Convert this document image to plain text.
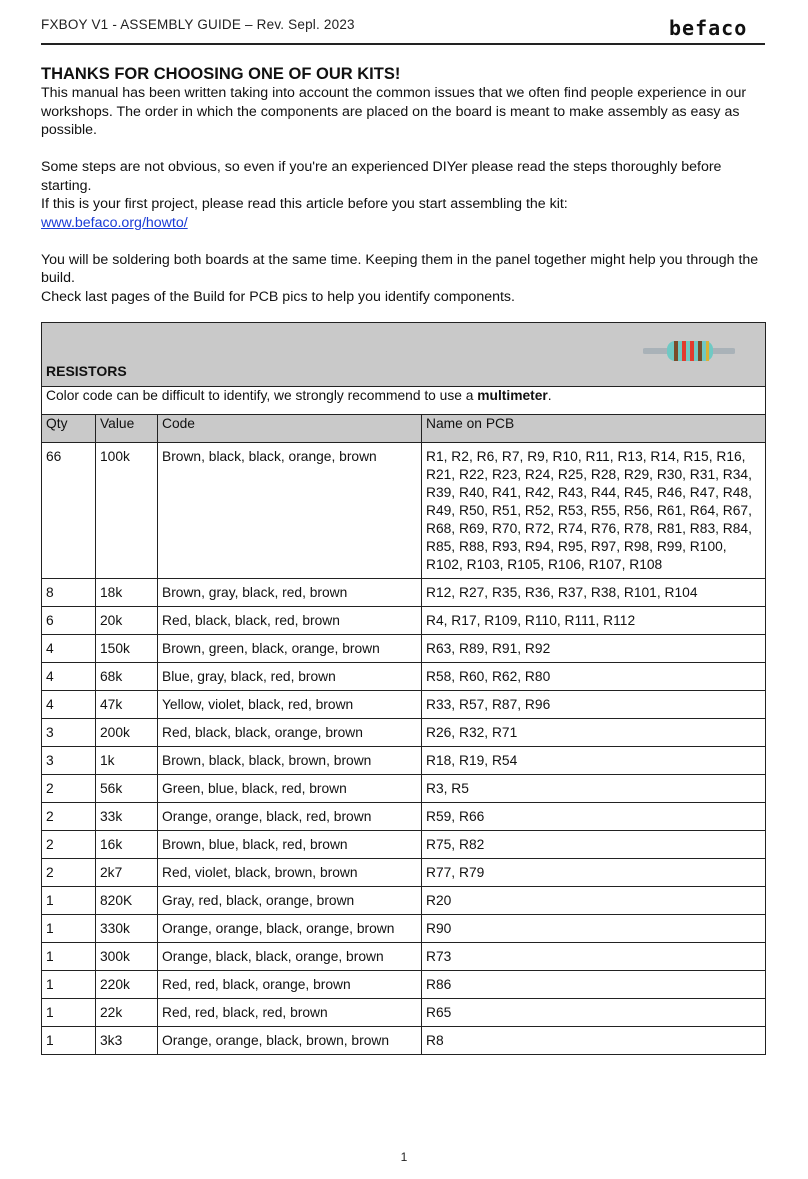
FXBOY V1 - ASSEMBLY GUIDE – Rev. Sepl. 2023	befaco
THANKS FOR CHOOSING ONE OF OUR KITS!

This manual has been written taking into account the common issues that we often find people experience in our workshops. The order in which the components are placed on the board is meant to make assembly as easy as possible.

Some steps are not obvious, so even if you're an experienced DIYer please read the steps thoroughly before starting.

If this is your first project, please read this article before you start assembling the kit:

www.befaco.org/howto/

You will be soldering both boards at the same time. Keeping them in the panel together might help you through the build.

Check last pages of the Build for PCB pics to help you identify components.

RESISTORS			

Color code can be difficult to identify, we strongly recommend to use a multimeter.			
Qty	Value	Code	Name on PCB
66	100k	Brown, black, black, orange, brown	R1, R2, R6, R7, R9, R10, R11, R13, R14, R15, R16, R21, R22, R23, R24, R25, R28, R29, R30, R31, R34, R39, R40, R41, R42, R43, R44, R45, R46, R47, R48, R49, R50, R51, R52, R53, R55, R56, R61, R64, R67, R68, R69, R70, R72, R74, R76, R78, R81, R83, R84, R85, R88, R93, R94, R95, R97, R98, R99, R100, R102, R103, R105, R106, R107, R108
8	18k	Brown, gray, black, red, brown	R12, R27, R35, R36, R37, R38, R101, R104
6	20k	Red, black, black, red, brown	R4, R17, R109, R110, R111, R112
4	150k	Brown, green, black, orange, brown	R63, R89, R91, R92
4	68k	Blue, gray, black, red, brown	R58, R60, R62, R80
4	47k	Yellow, violet, black, red, brown	R33, R57, R87, R96
3	200k	Red, black, black, orange, brown	R26, R32, R71
3	1k	Brown, black, black, brown, brown	R18, R19, R54
2	56k	Green, blue, black, red, brown	R3, R5
2	33k	Orange, orange, black, red, brown	R59, R66
2	16k	Brown, blue, black, red, brown	R75, R82
2	2k7	Red, violet, black, brown, brown	R77, R79
1	820K	Gray, red, black, orange, brown	R20
1	330k	Orange, orange, black, orange, brown	R90
1	300k	Orange, black, black, orange, brown	R73
1	220k	Red, red, black, orange, brown	R86
1	22k	Red, red, black, red, brown	R65
1	3k3	Orange, orange, black, brown, brown	R8
1
